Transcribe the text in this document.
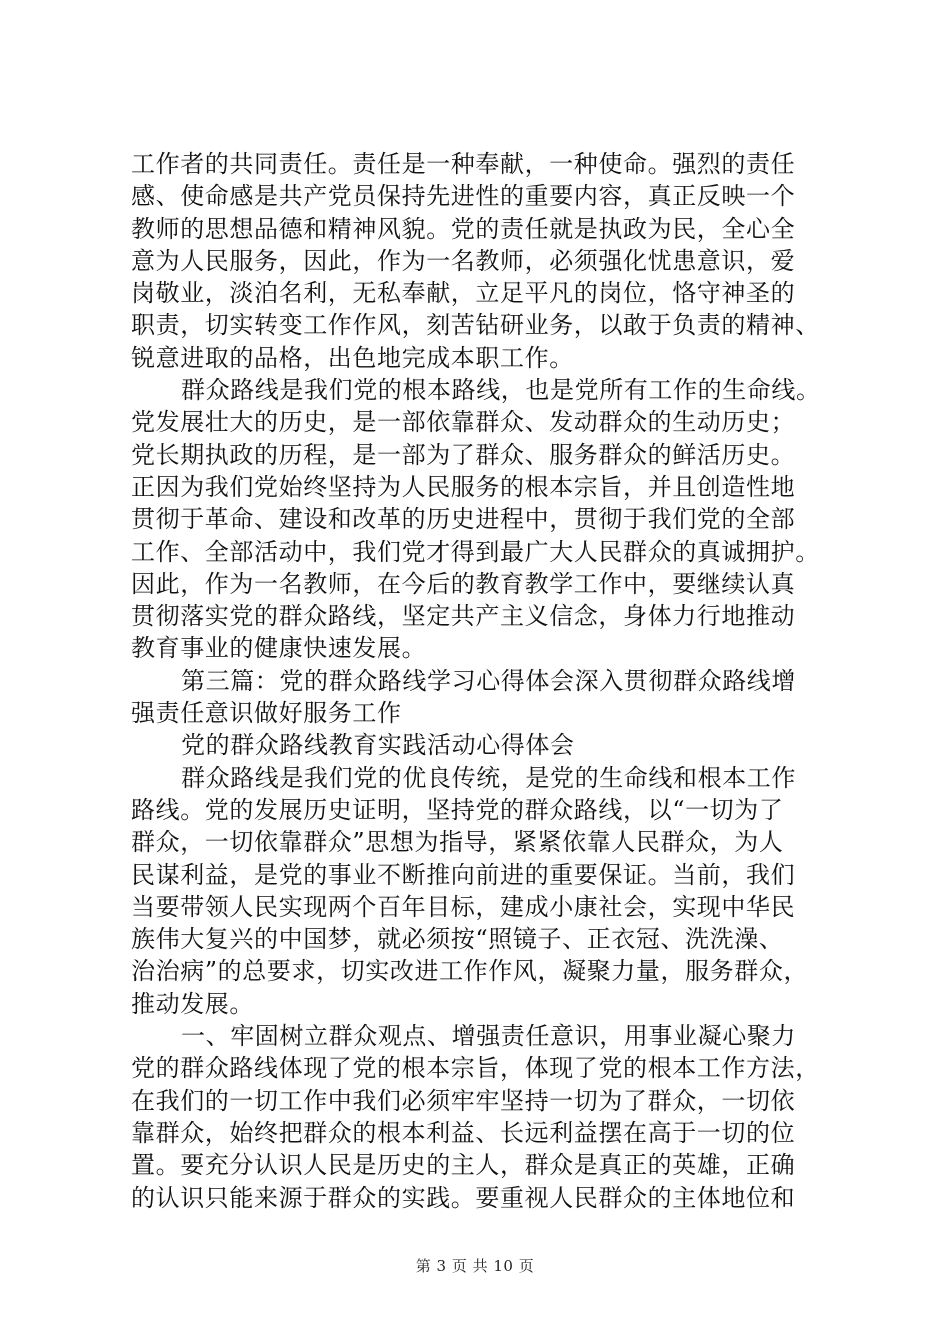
工作者的共同责任。责任是一种奉献，一种使命。强烈的责任
感、使命感是共产党员保持先进性的重要内容，真正反映一个
教师的思想品德和精神风貌。党的责任就是执政为民，全心全
意为人民服务，因此，作为一名教师，必须强化忧患意识，爱
岗敬业，淡泊名利，无私奉献，立足平凡的岗位，恪守神圣的
职责，切实转变工作作风，刻苦钻研业务，以敢于负责的精神、
锐意进取的品格，出色地完成本职工作。
群众路线是我们党的根本路线，也是党所有工作的生命线。
党发展壮大的历史，是一部依靠群众、发动群众的生动历史；
党长期执政的历程，是一部为了群众、服务群众的鲜活历史。
正因为我们党始终坚持为人民服务的根本宗旨，并且创造性地
贯彻于革命、建设和改革的历史进程中，贯彻于我们党的全部
工作、全部活动中，我们党才得到最广大人民群众的真诚拥护。
因此，作为一名教师，在今后的教育教学工作中，要继续认真
贯彻落实党的群众路线，坚定共产主义信念，身体力行地推动
教育事业的健康快速发展。
第三篇：党的群众路线学习心得体会深入贯彻群众路线增
强责任意识做好服务工作
党的群众路线教育实践活动心得体会
群众路线是我们党的优良传统，是党的生命线和根本工作
路线。党的发展历史证明，坚持党的群众路线，以“一切为了
群众，一切依靠群众”思想为指导，紧紧依靠人民群众，为人
民谋利益，是党的事业不断推向前进的重要保证。当前，我们
当要带领人民实现两个百年目标，建成小康社会，实现中华民
族伟大复兴的中国梦，就必须按“照镜子、正衣冠、洗洗澡、
治治病”的总要求，切实改进工作作风，凝聚力量，服务群众，
推动发展。
一、牢固树立群众观点、增强责任意识，用事业凝心聚力
党的群众路线体现了党的根本宗旨，体现了党的根本工作方法，
在我们的一切工作中我们必须牢牢坚持一切为了群众，一切依
靠群众，始终把群众的根本利益、长远利益摆在高于一切的位
置。要充分认识人民是历史的主人，群众是真正的英雄，正确
的认识只能来源于群众的实践。要重视人民群众的主体地位和
第 3 页 共 10 页
